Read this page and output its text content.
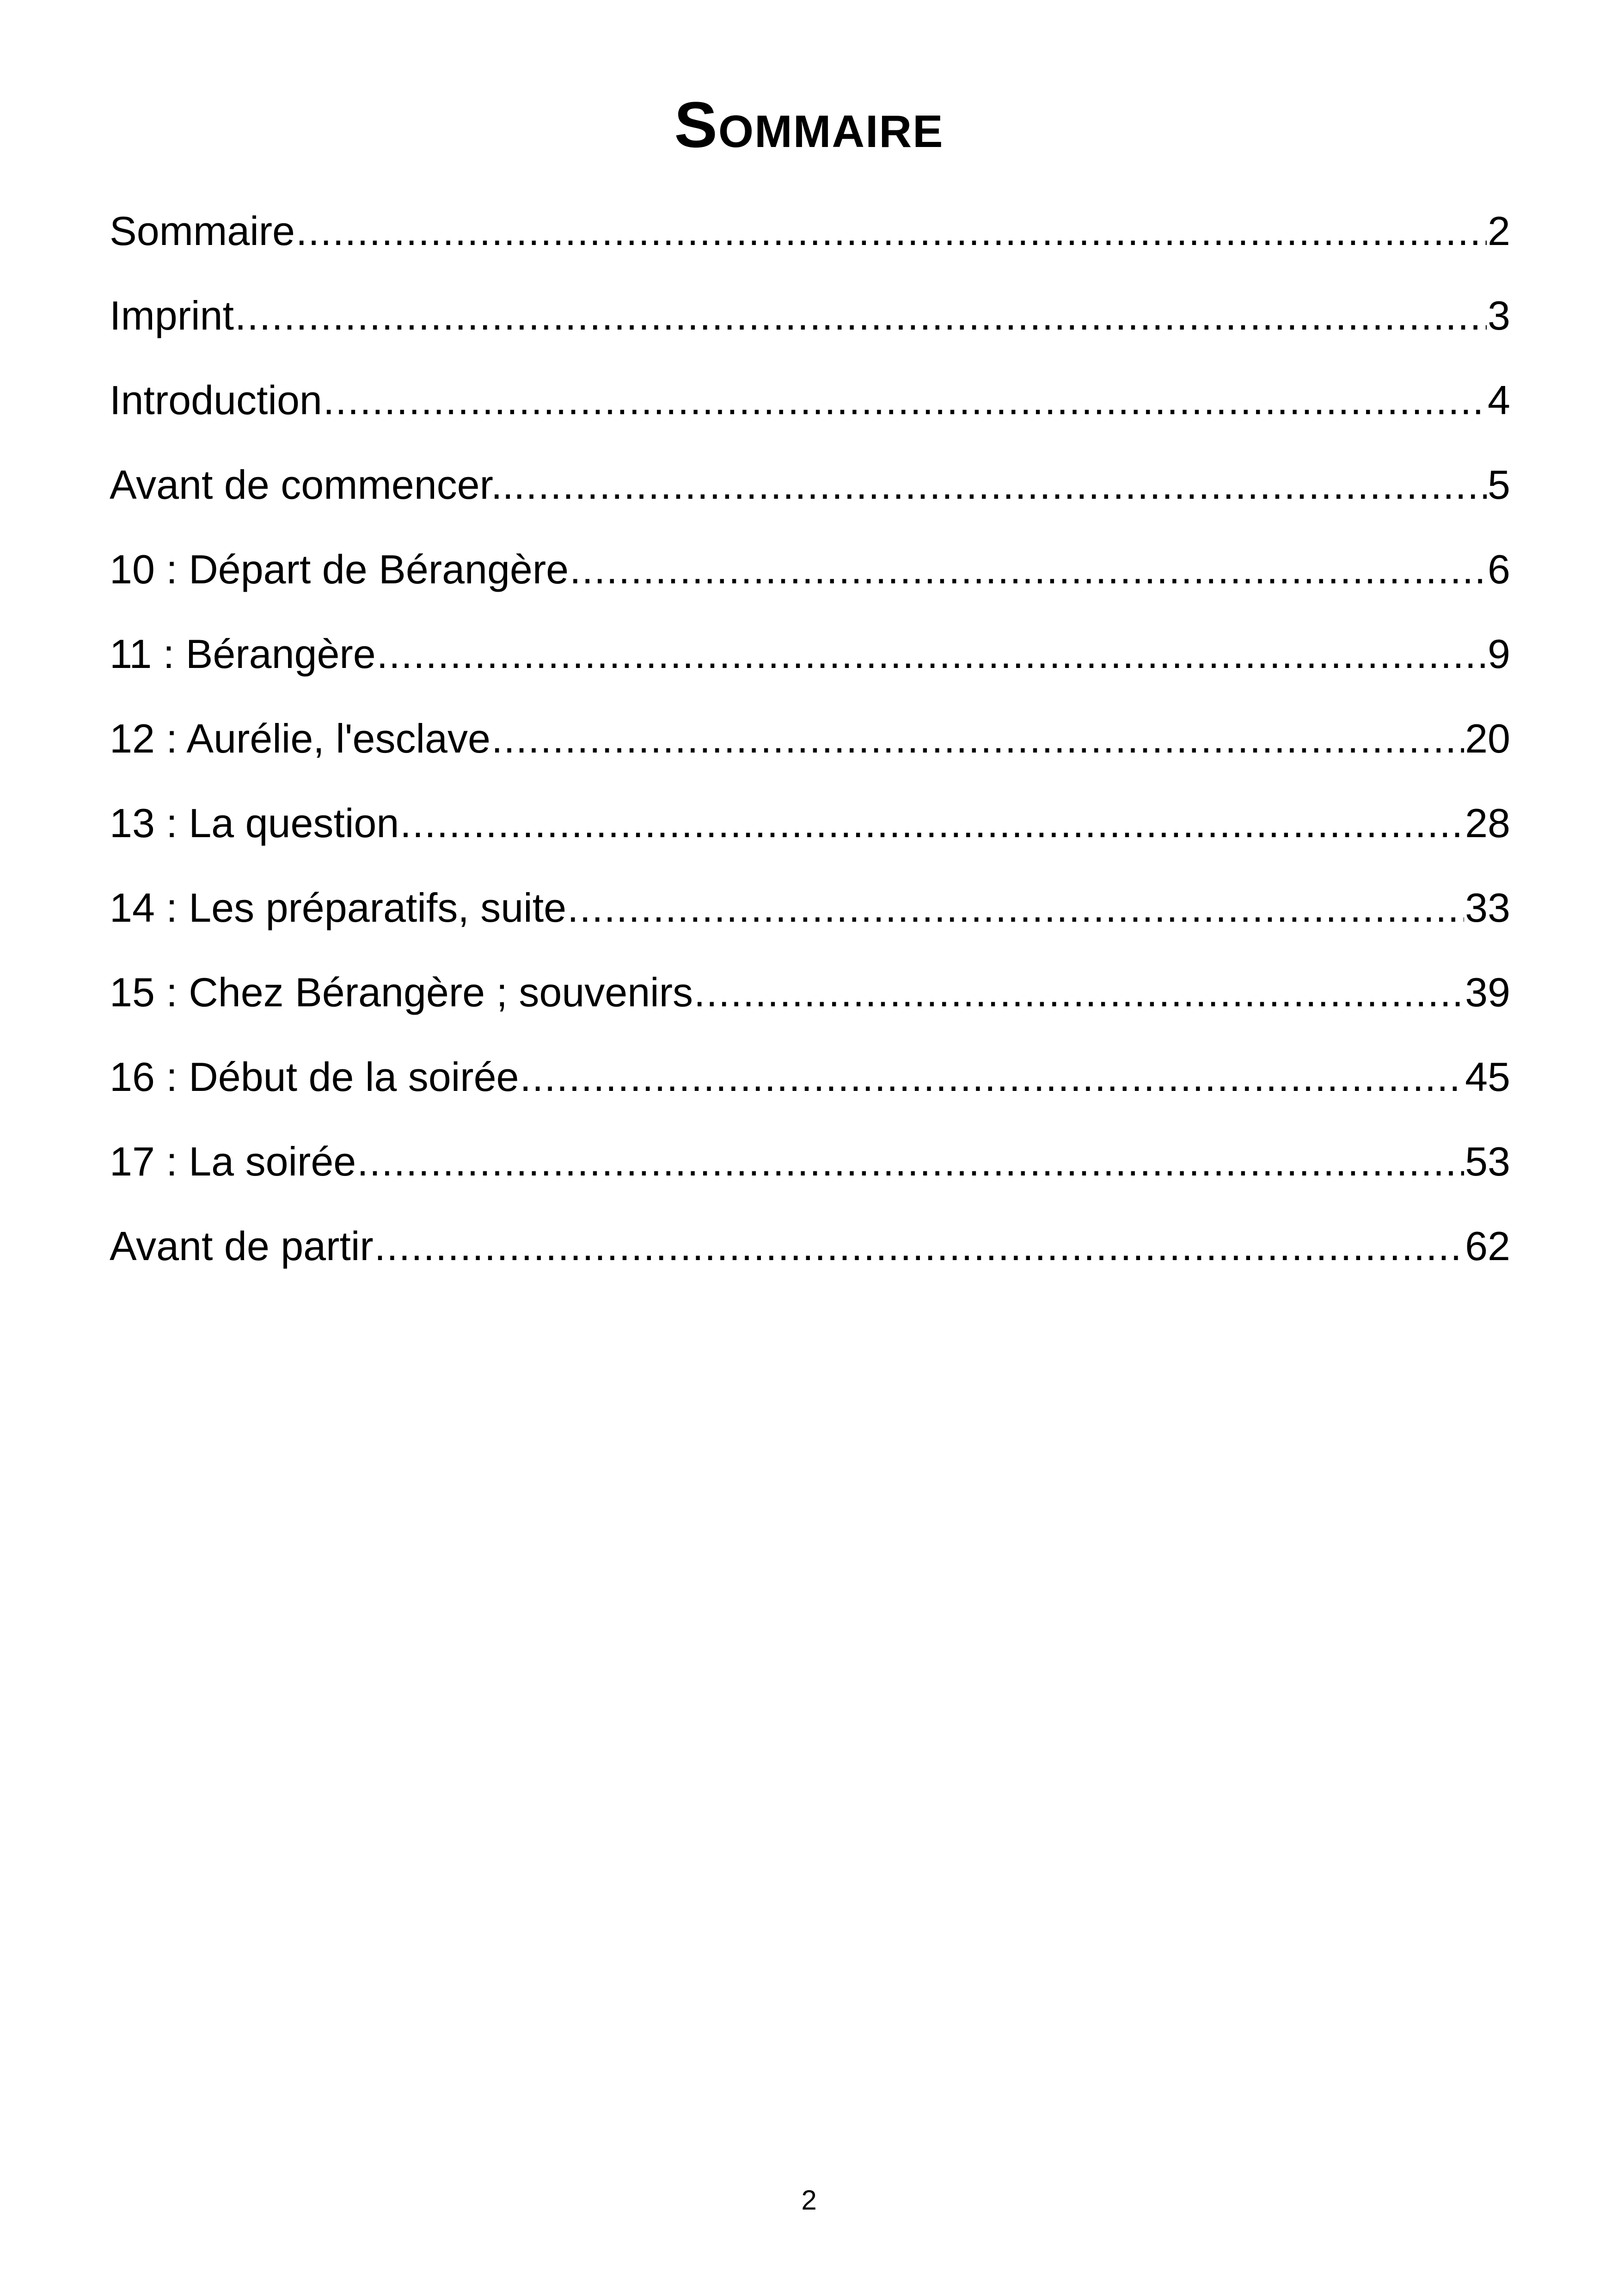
Sommaire
Sommaire .....	2
Imprint .....	3
Introduction .....	4
Avant de commencer... .....	5
10 : Départ de Bérangère .....	6
11 : Bérangère .....	9
12 : Aurélie, l'esclave .....	20
13 : La question .....	28
14 : Les préparatifs, suite .....	33
15 : Chez Bérangère ; souvenirs .....	39
16 : Début de la soirée .....	45
17 : La soirée .....	53
Avant de partir .....	62
2
